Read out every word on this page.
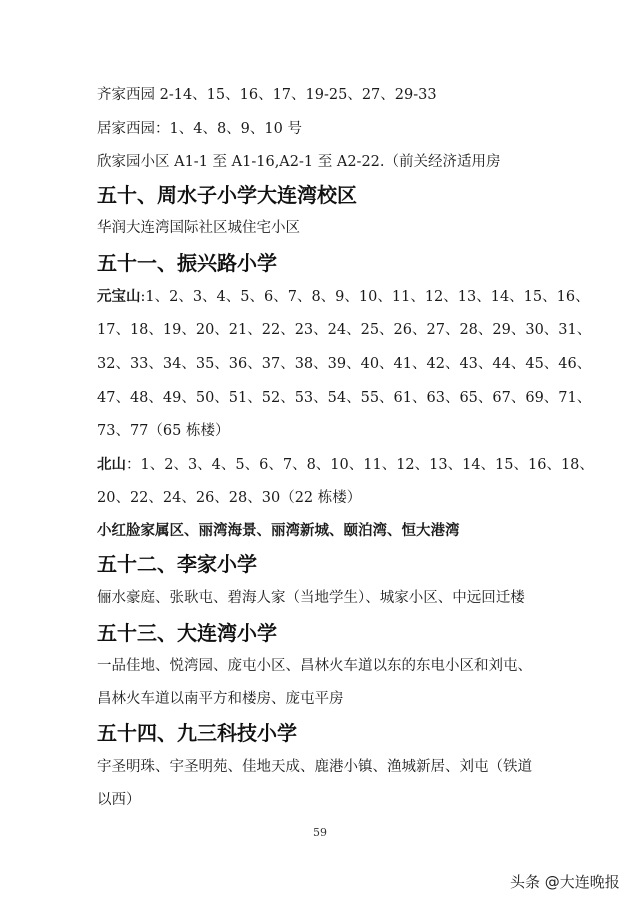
齐家西园 2-14、15、16、17、19-25、27、29-33
居家西园：1、4、8、9、10 号
欣家园小区 A1-1 至 A1-16,A2-1 至 A2-22.（前关经济适用房
五十、周水子小学大连湾校区
华润大连湾国际社区城住宅小区
五十一、振兴路小学
元宝山:1、2、3、4、5、6、7、8、9、10、11、12、13、14、15、16、
17、18、19、20、21、22、23、24、25、26、27、28、29、30、31、
32、33、34、35、36、37、38、39、40、41、42、43、44、45、46、
47、48、49、50、51、52、53、54、55、61、63、65、67、69、71、
73、77（65 栋楼）
北山：1、2、3、4、5、6、7、8、10、11、12、13、14、15、16、18、
20、22、24、26、28、30（22 栋楼）
小红脸家属区、丽湾海景、丽湾新城、颐泊湾、恒大港湾
五十二、李家小学
俪水豪庭、张耿屯、碧海人家（当地学生）、城家小区、中远回迁楼
五十三、大连湾小学
一品佳地、悦湾园、庞屯小区、昌林火车道以东的东电小区和刘屯、
昌林火车道以南平方和楼房、庞屯平房
五十四、九三科技小学
宇圣明珠、宇圣明苑、佳地天成、鹿港小镇、渔城新居、刘屯（铁道
以西）
59
头条 @大连晚报
